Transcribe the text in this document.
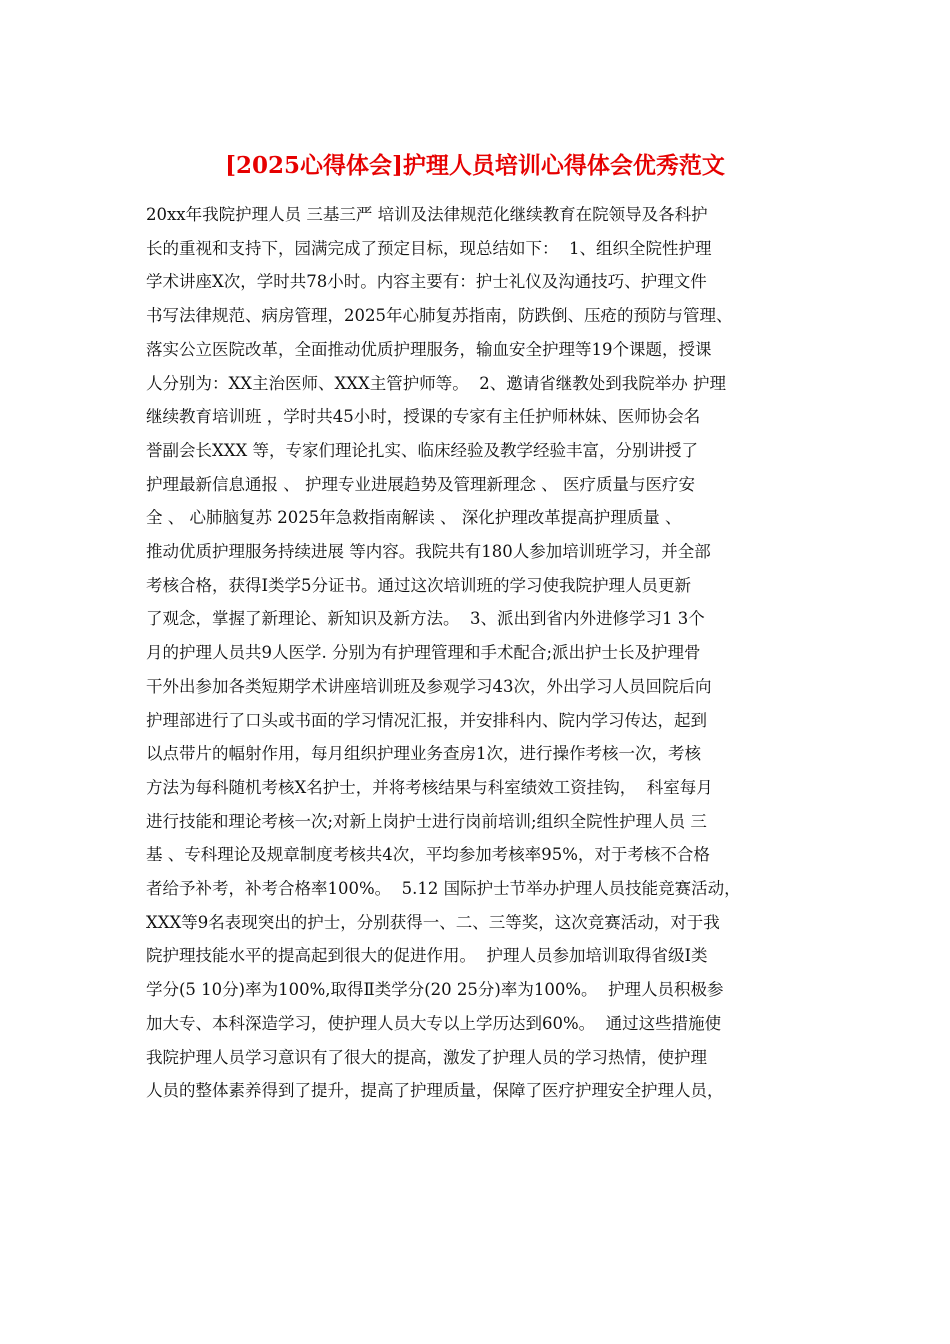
[2025心得体会]护理人员培训心得体会优秀范文
20xx年我院护理人员 三基三严 培训及法律规范化继续教育在院领导及各科护
长的重视和支持下，园满完成了预定目标，现总结如下：  1、组织全院性护理
学术讲座X次，学时共78小时。内容主要有：护士礼仪及沟通技巧、护理文件
书写法律规范、病房管理，2025年心肺复苏指南，防跌倒、压疮的预防与管理、
落实公立医院改革，全面推动优质护理服务，输血安全护理等19个课题，授课
人分别为：XX主治医师、XXX主管护师等。  2、邀请省继教处到我院举办 护理
继续教育培训班 ，学时共45小时，授课的专家有主任护师林妹、医师协会名
誉副会长XXX 等，专家们理论扎实、临床经验及教学经验丰富，分别讲授了
护理最新信息通报 、 护理专业进展趋势及管理新理念 、 医疗质量与医疗安
全 、 心肺脑复苏 2025年急救指南解读 、 深化护理改革提高护理质量 、
推动优质护理服务持续进展 等内容。我院共有180人参加培训班学习，并全部
考核合格，获得Ⅰ类学5分证书。通过这次培训班的学习使我院护理人员更新
了观念，掌握了新理论、新知识及新方法。  3、派出到省内外进修学习1 3个
月的护理人员共9人医学. 分别为有护理管理和手术配合;派出护士长及护理骨
干外出参加各类短期学术讲座培训班及参观学习43次，外出学习人员回院后向
护理部进行了口头或书面的学习情况汇报，并安排科内、院内学习传达，起到
以点带片的幅射作用，每月组织护理业务查房1次，进行操作考核一次，考核
方法为每科随机考核X名护士，并将考核结果与科室绩效工资挂钩，  科室每月
进行技能和理论考核一次;对新上岗护士进行岗前培训;组织全院性护理人员 三
基 、专科理论及规章制度考核共4次，平均参加考核率95%，对于考核不合格
者给予补考，补考合格率100%。  5.12 国际护士节举办护理人员技能竞赛活动，
XXX等9名表现突出的护士，分别获得一、二、三等奖，这次竞赛活动，对于我
院护理技能水平的提高起到很大的促进作用。  护理人员参加培训取得省级Ⅰ类
学分(5 10分)率为100%,取得Ⅱ类学分(20 25分)率为100%。  护理人员积极参
加大专、本科深造学习，使护理人员大专以上学历达到60%。  通过这些措施使
我院护理人员学习意识有了很大的提高，激发了护理人员的学习热情，使护理
人员的整体素养得到了提升，提高了护理质量，保障了医疗护理安全护理人员，
